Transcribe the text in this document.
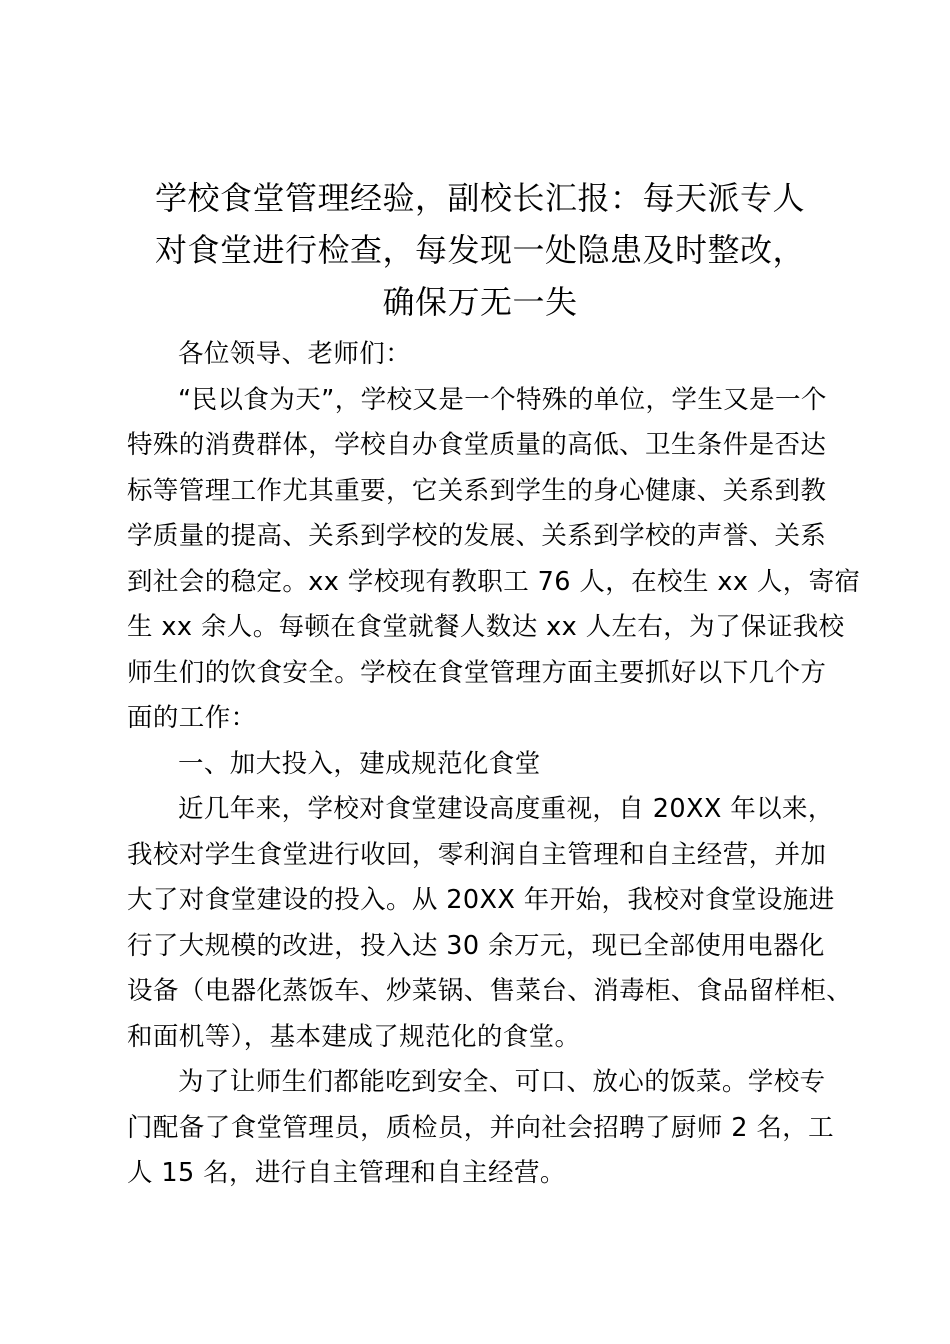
学校食堂管理经验，副校长汇报：每天派专人
对食堂进行检查，每发现一处隐患及时整改，
确保万无一失

各位领导、老师们：

“民以食为天”，学校又是一个特殊的单位，学生又是一个
特殊的消费群体，学校自办食堂质量的高低、卫生条件是否达
标等管理工作尤其重要，它关系到学生的身心健康、关系到教
学质量的提高、关系到学校的发展、关系到学校的声誉、关系
到社会的稳定。xx 学校现有教职工 76 人，在校生 xx 人，寄宿
生 xx 余人。每顿在食堂就餐人数达 xx 人左右，为了保证我校
师生们的饮食安全。学校在食堂管理方面主要抓好以下几个方
面的工作：

一、加大投入，建成规范化食堂

近几年来，学校对食堂建设高度重视，自 20XX 年以来，
我校对学生食堂进行收回，零利润自主管理和自主经营，并加
大了对食堂建设的投入。从 20XX 年开始，我校对食堂设施进
行了大规模的改进，投入达 30 余万元，现已全部使用电器化
设备（电器化蒸饭车、炒菜锅、售菜台、消毒柜、食品留样柜、
和面机等），基本建成了规范化的食堂。

为了让师生们都能吃到安全、可口、放心的饭菜。学校专
门配备了食堂管理员，质检员，并向社会招聘了厨师 2 名，工
人 15 名，进行自主管理和自主经营。
